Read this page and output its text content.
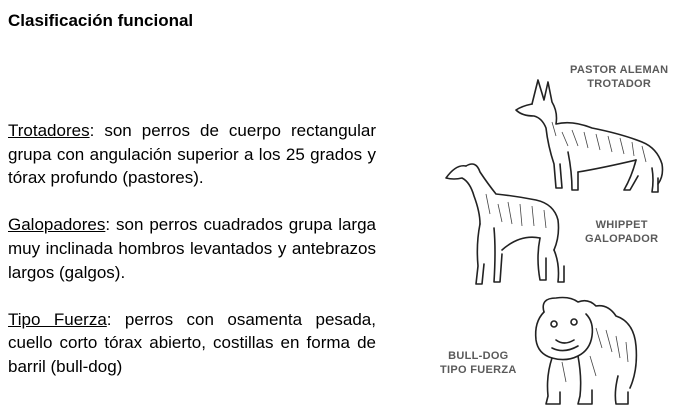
Clasificación funcional

Trotadores: son perros de cuerpo rectangular grupa con angulación superior a los 25 grados y tórax profundo (pastores).

Galopadores: son perros cuadrados grupa larga muy inclinada hombros levantados y antebrazos largos (galgos).

Tipo Fuerza: perros con osamenta pesada, cuello corto tórax abierto, costillas en forma de barril (bull-dog)

PASTOR ALEMAN
TROTADOR
WHIPPET
GALOPADOR
BULL-DOG
TIPO FUERZA
